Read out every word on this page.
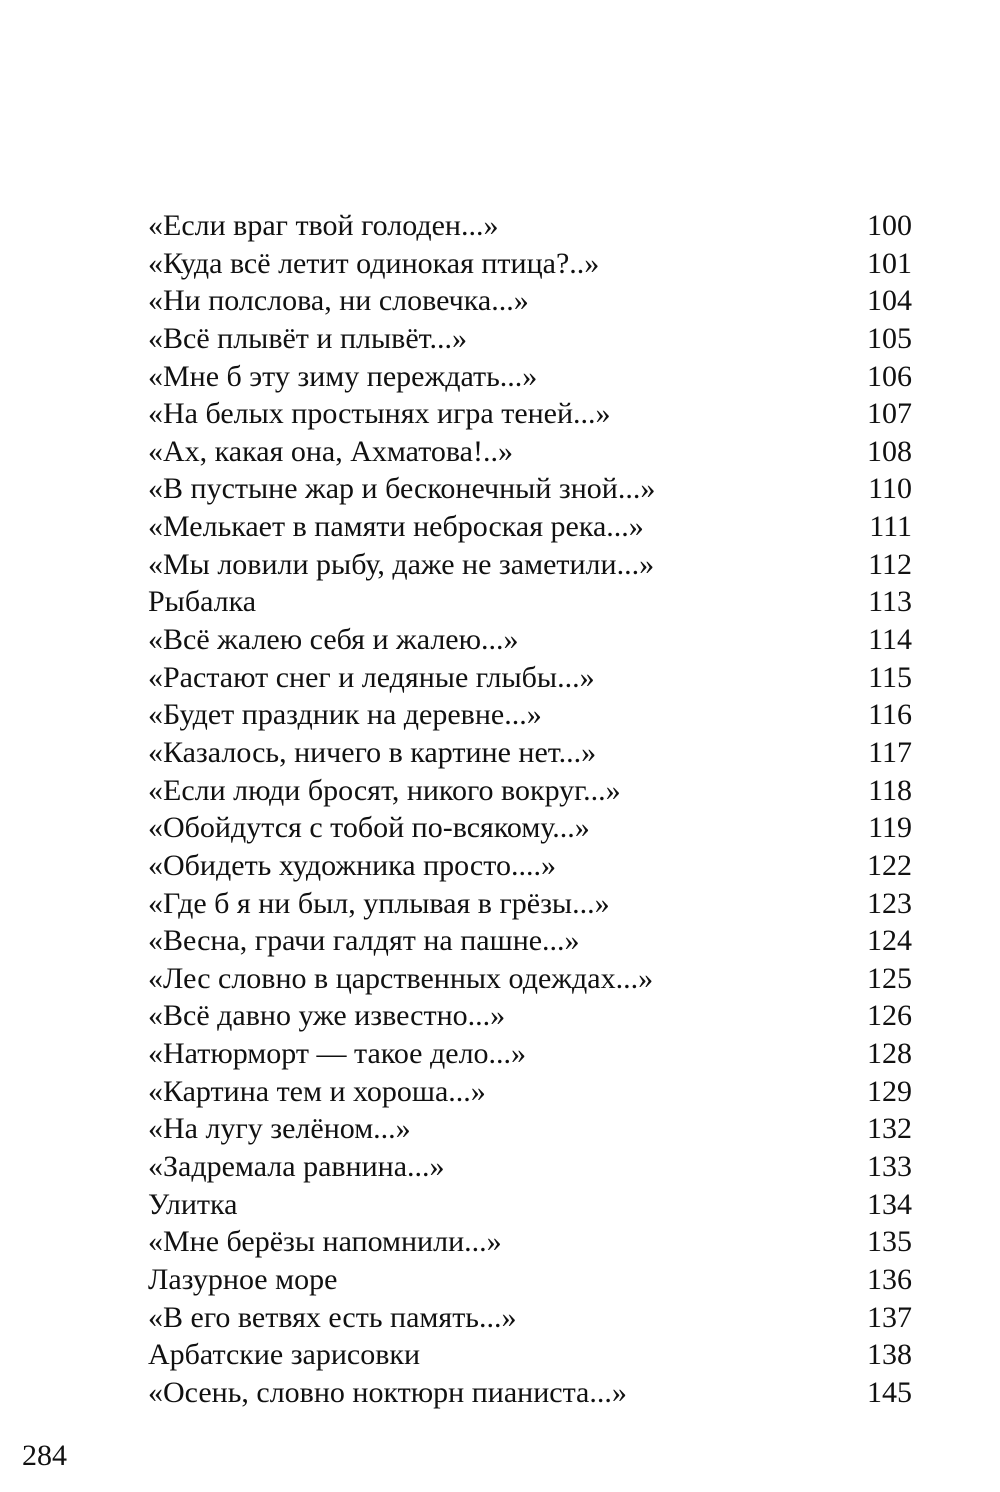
«Если враг твой голоден...»	100
«Куда всё летит одинокая птица?..»	101
«Ни полслова, ни словечка...»	104
«Всё плывёт и плывёт...»	105
«Мне б эту зиму переждать...»	106
«На белых простынях игра теней...»	107
«Ах, какая она, Ахматова!..»	108
«В пустыне жар и бесконечный зной...»	110
«Мелькает в памяти неброская река...»	111
«Мы ловили рыбу, даже не заметили...»	112
Рыбалка	113
«Всё жалею себя и жалею...»	114
«Растают снег и ледяные глыбы...»	115
«Будет праздник на деревне...»	116
«Казалось, ничего в картине нет...»	117
«Если люди бросят, никого вокруг...»	118
«Обойдутся с тобой по-всякому...»	119
«Обидеть художника просто....»	122
«Где б я ни был, уплывая в грёзы...»	123
«Весна, грачи галдят на пашне...»	124
«Лес словно в царственных одеждах...»	125
«Всё давно уже известно...»	126
«Натюрморт — такое дело...»	128
«Картина тем и хороша...»	129
«На лугу зелёном...»	132
«Задремала равнина...»	133
Улитка	134
«Мне берёзы напомнили...»	135
Лазурное море	136
«В его ветвях есть память...»	137
Арбатские зарисовки	138
«Осень, словно ноктюрн пианиста...»	145
284
